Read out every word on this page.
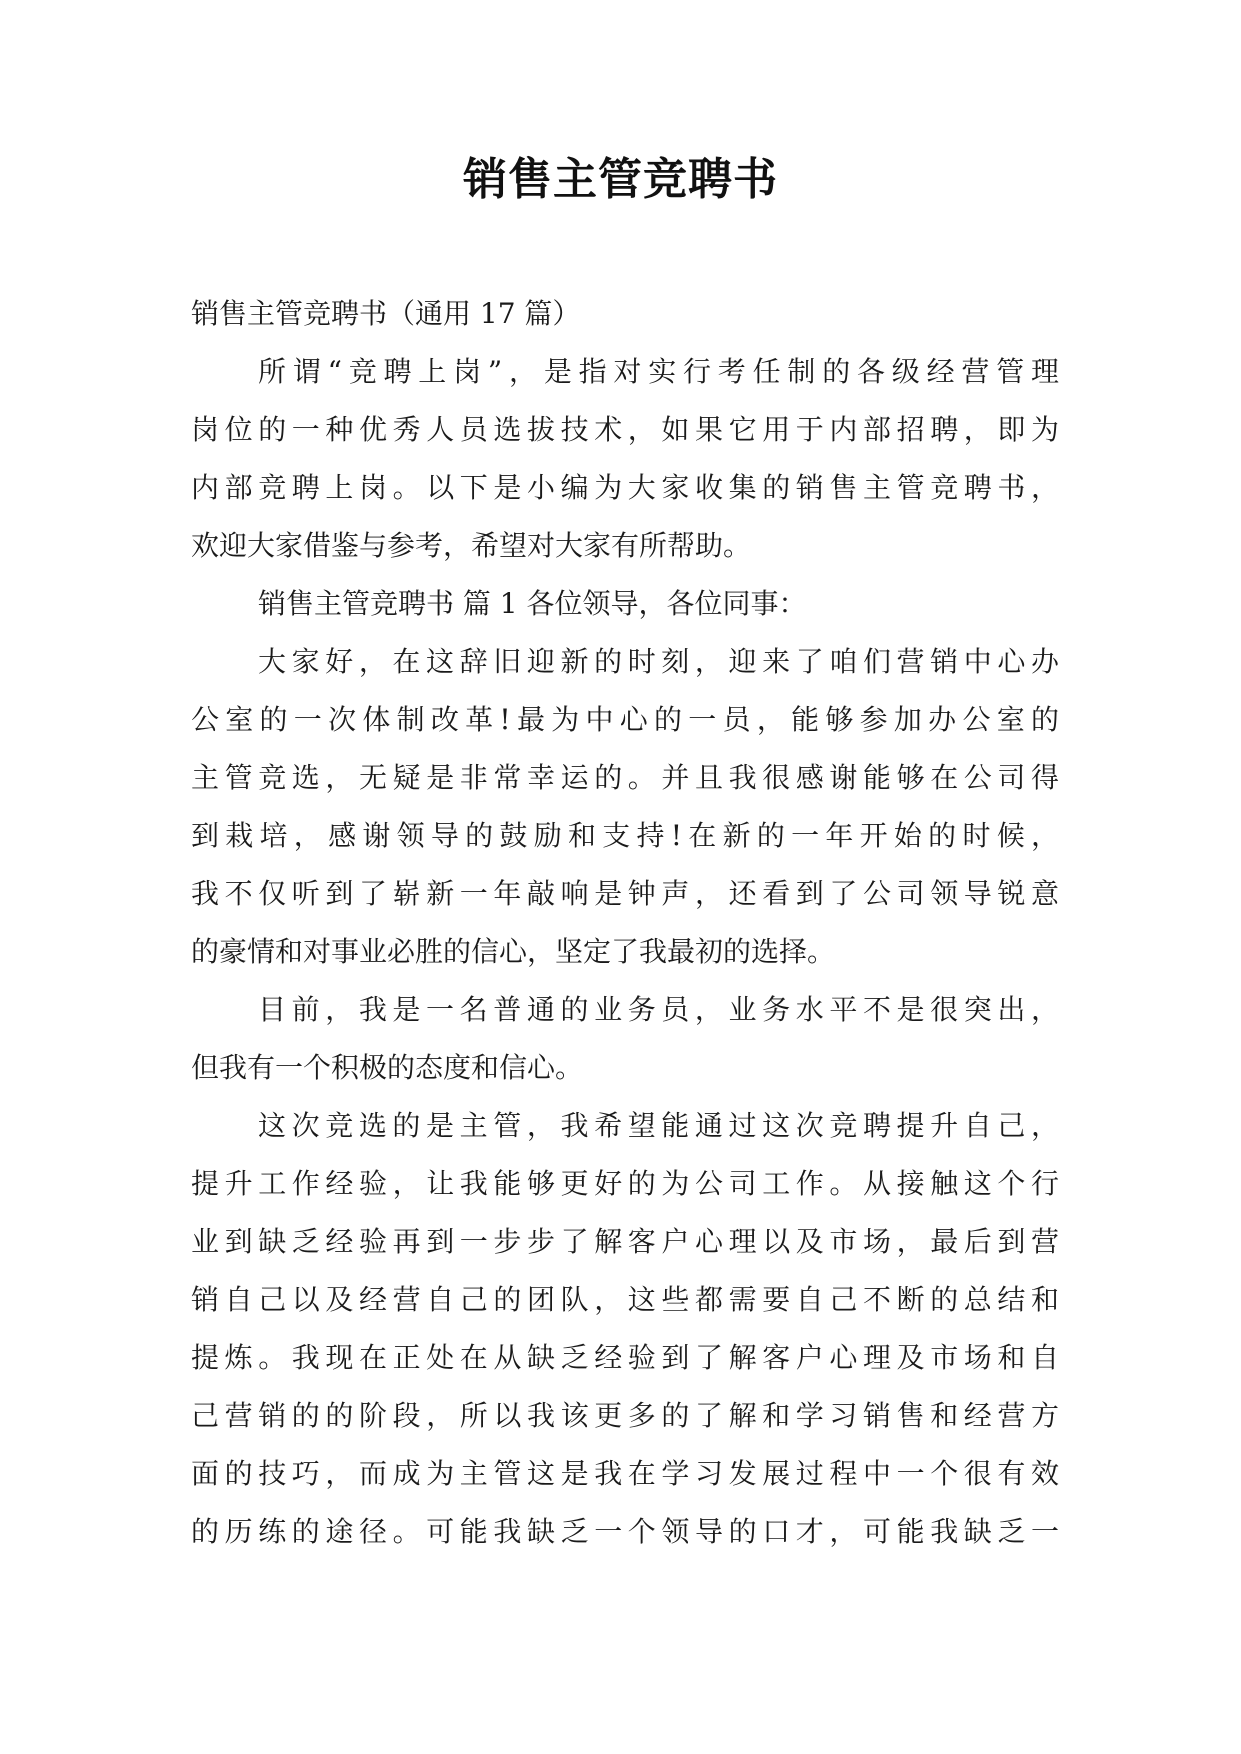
销售主管竞聘书
销售主管竞聘书（通用 17 篇）
所谓“竞聘上岗”，是指对实行考任制的各级经营管理
岗位的一种优秀人员选拔技术，如果它用于内部招聘，即为
内部竞聘上岗。以下是小编为大家收集的销售主管竞聘书，
欢迎大家借鉴与参考，希望对大家有所帮助。
销售主管竞聘书 篇 1 各位领导，各位同事：
大家好，在这辞旧迎新的时刻，迎来了咱们营销中心办
公室的一次体制改革!最为中心的一员，能够参加办公室的
主管竞选，无疑是非常幸运的。并且我很感谢能够在公司得
到栽培，感谢领导的鼓励和支持!在新的一年开始的时候，
我不仅听到了崭新一年敲响是钟声，还看到了公司领导锐意
的豪情和对事业必胜的信心，坚定了我最初的选择。
目前，我是一名普通的业务员，业务水平不是很突出，
但我有一个积极的态度和信心。
这次竞选的是主管，我希望能通过这次竞聘提升自己，
提升工作经验，让我能够更好的为公司工作。从接触这个行
业到缺乏经验再到一步步了解客户心理以及市场，最后到营
销自己以及经营自己的团队，这些都需要自己不断的总结和
提炼。我现在正处在从缺乏经验到了解客户心理及市场和自
己营销的的阶段，所以我该更多的了解和学习销售和经营方
面的技巧，而成为主管这是我在学习发展过程中一个很有效
的历练的途径。可能我缺乏一个领导的口才，可能我缺乏一
